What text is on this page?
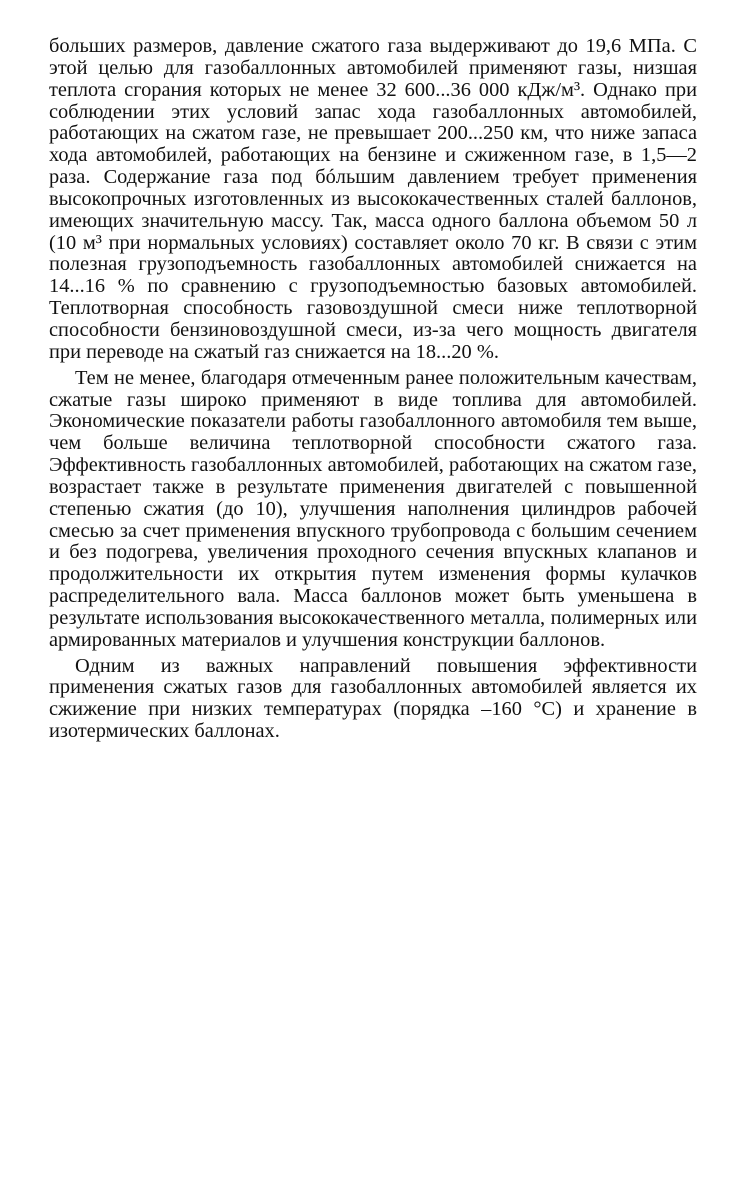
больших размеров, давление сжатого газа выдерживают до 19,6 МПа. С этой целью для газобаллонных автомобилей применяют газы, низшая теплота сгорания которых не менее 32 600...36 000 кДж/м³. Однако при соблюдении этих условий запас хода газобаллонных автомобилей, работающих на сжатом газе, не превышает 200...250 км, что ниже запаса хода автомобилей, работающих на бензине и сжиженном газе, в 1,5—2 раза. Содержание газа под бóльшим давлением требует применения высокопрочных изготовленных из высококачественных сталей баллонов, имеющих значительную массу. Так, масса одного баллона объемом 50 л (10 м³ при нормальных условиях) составляет около 70 кг. В связи с этим полезная грузоподъемность газобаллонных автомобилей снижается на 14...16 % по сравнению с грузоподъемностью базовых автомобилей. Теплотворная способность газовоздушной смеси ниже теплотворной способности бензиновоздушной смеси, из-за чего мощность двигателя при переводе на сжатый газ снижается на 18...20 %.

Тем не менее, благодаря отмеченным ранее положительным качествам, сжатые газы широко применяют в виде топлива для автомобилей. Экономические показатели работы газобаллонного автомобиля тем выше, чем больше величина теплотворной способности сжатого газа. Эффективность газобаллонных автомобилей, работающих на сжатом газе, возрастает также в результате применения двигателей с повышенной степенью сжатия (до 10), улучшения наполнения цилиндров рабочей смесью за счет применения впускного трубопровода с большим сечением и без подогрева, увеличения проходного сечения впускных клапанов и продолжительности их открытия путем изменения формы кулачков распределительного вала. Масса баллонов может быть уменьшена в результате использования высококачественного металла, полимерных или армированных материалов и улучшения конструкции баллонов.

Одним из важных направлений повышения эффективности применения сжатых газов для газобаллонных автомобилей является их сжижение при низких температурах (порядка –160 °С) и хранение в изотермических баллонах.
